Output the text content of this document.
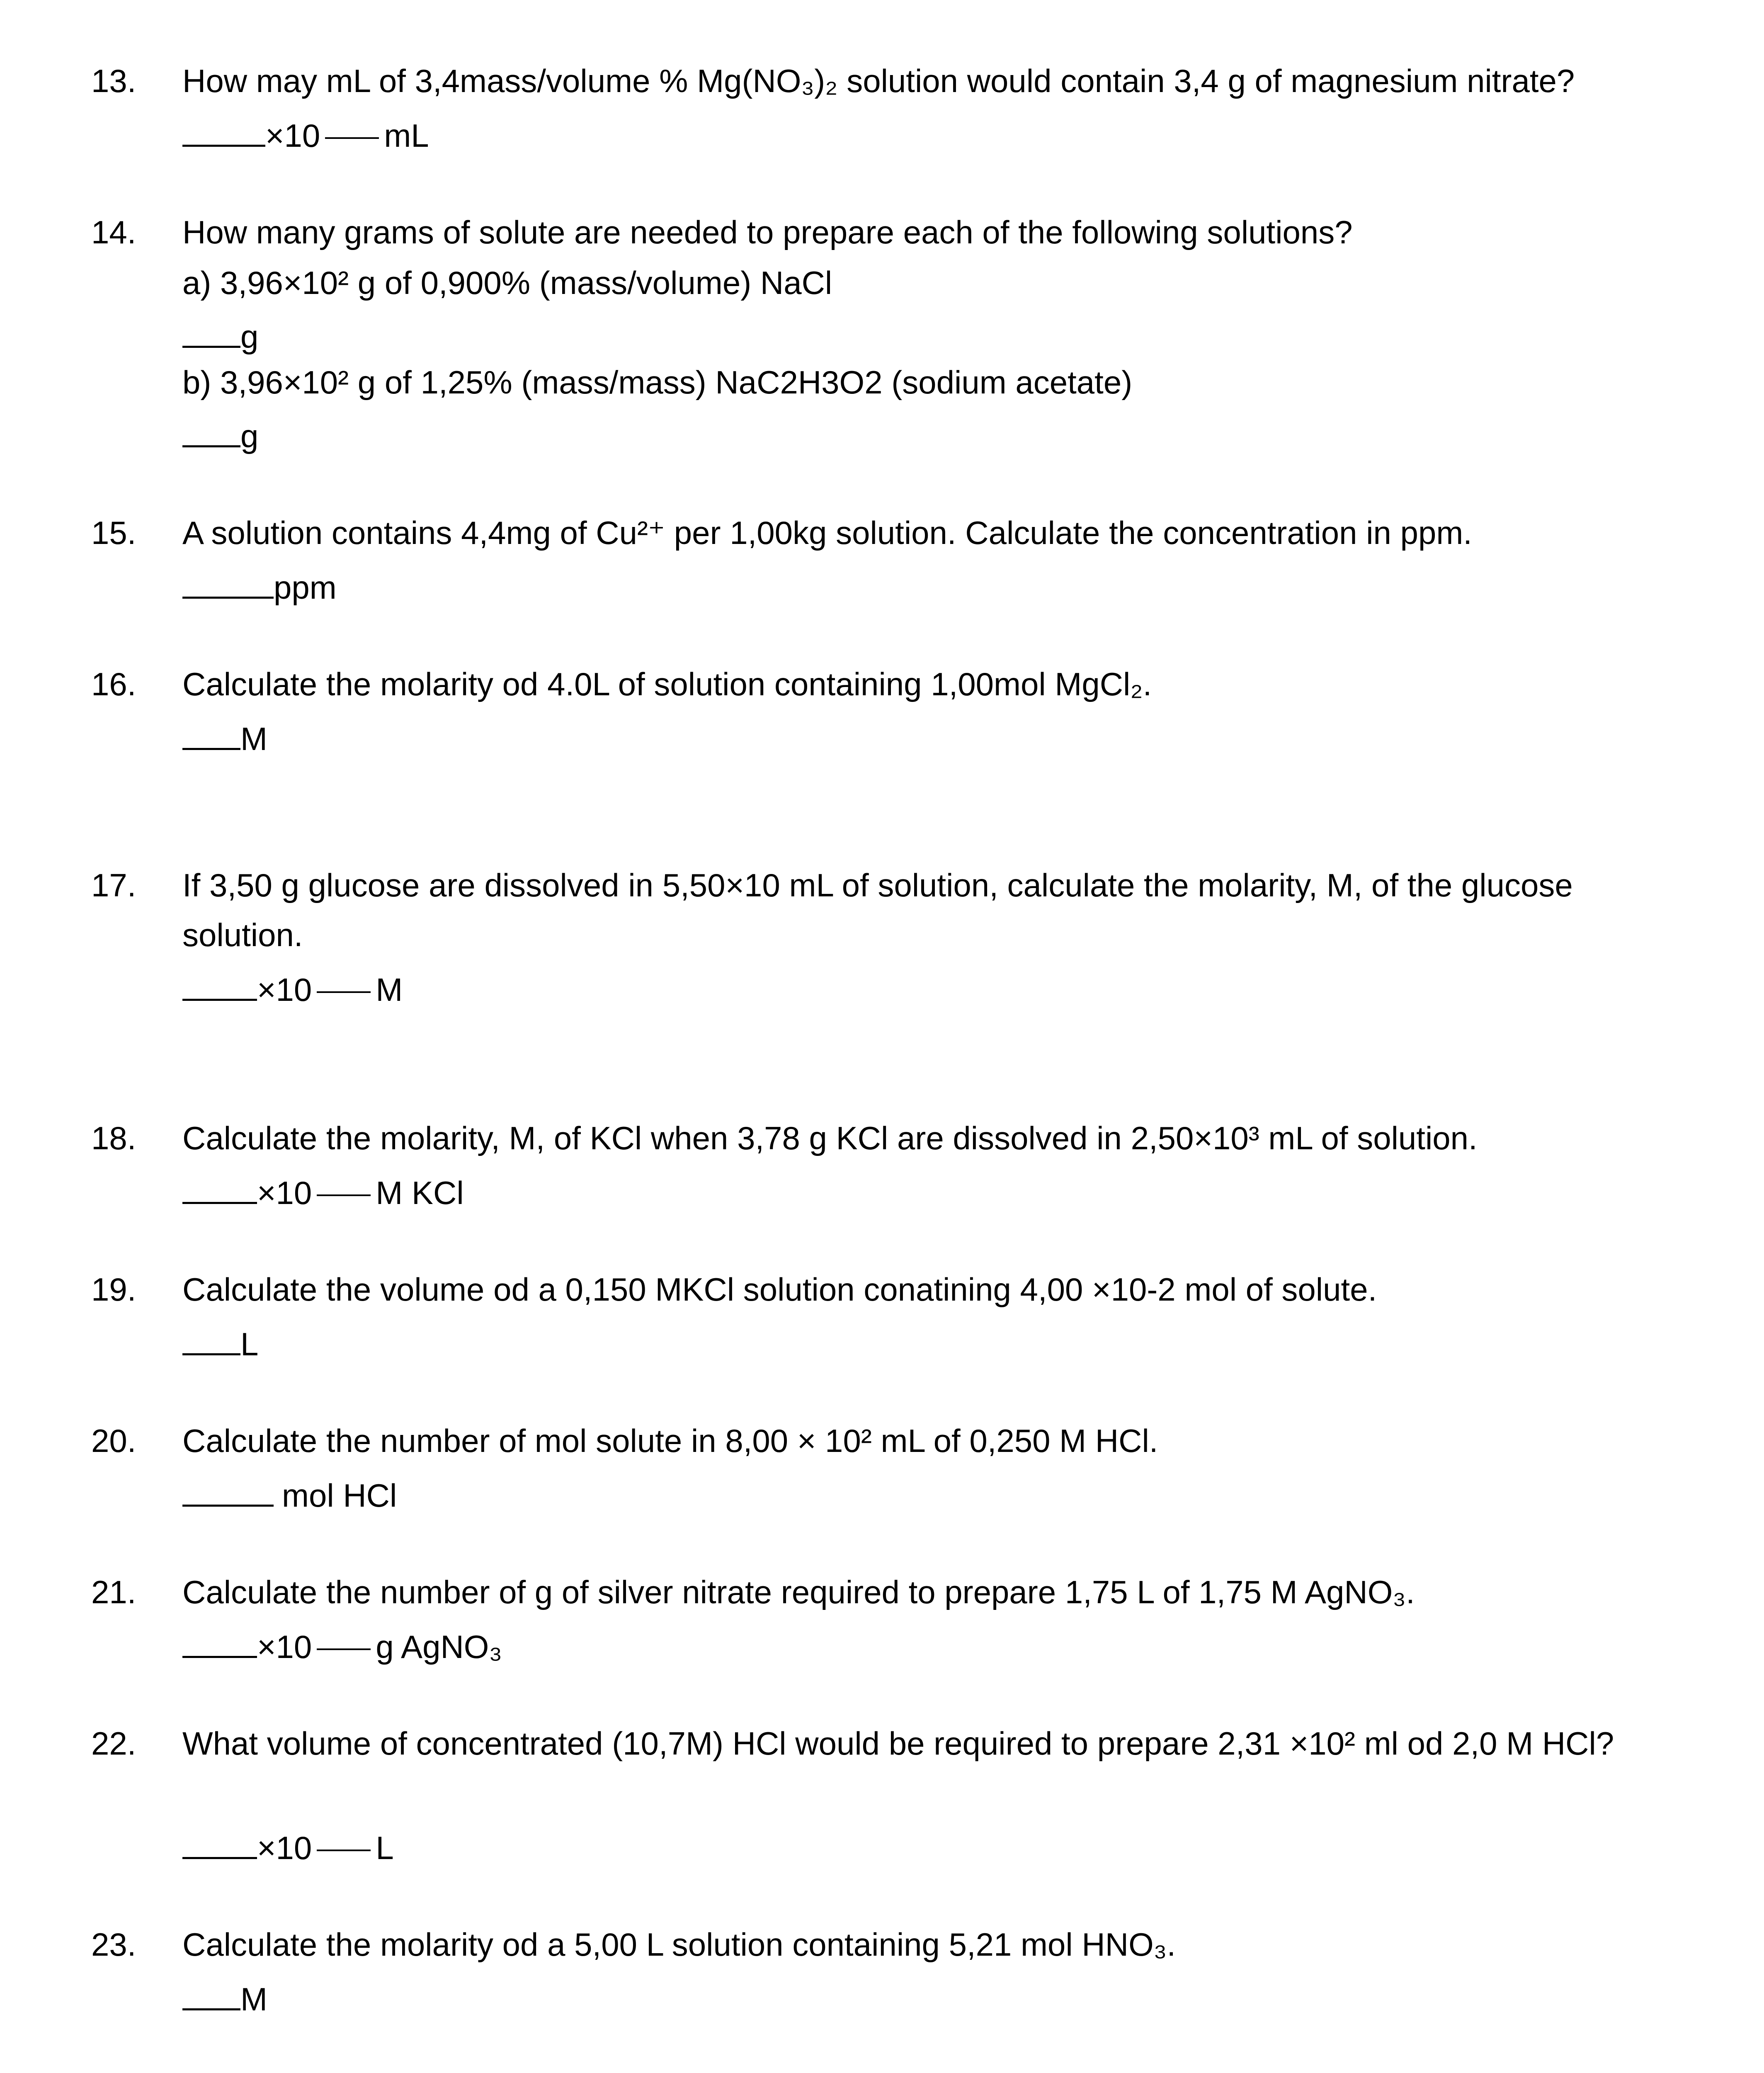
13. How may mL of 3,4mass/volume % Mg(NO₃)₂ solution would contain 3,4 g of magnesium nitrate?
×10 mL
14. How many grams of solute are needed to prepare each of the following solutions?
a) 3,96×10² g of 0,900% (mass/volume) NaCl
g
b) 3,96×10² g of 1,25% (mass/mass) NaC2H3O2 (sodium acetate)
g
15. A solution contains 4,4mg of Cu²⁺ per 1,00kg solution. Calculate the concentration in ppm.
ppm
16. Calculate the molarity od 4.0L of solution containing 1,00mol MgCl₂.
M
17. If 3,50 g glucose are dissolved in 5,50×10 mL of solution, calculate the molarity, M, of the glucose solution.
×10 M
18. Calculate the molarity, M, of KCl when 3,78 g KCl are dissolved in 2,50×10³ mL of solution.
×10 M KCl
19. Calculate the volume od a 0,150 MKCl solution conatining 4,00 ×10-2 mol of solute.
L
20. Calculate the number of mol solute in 8,00 × 10² mL of 0,250 M HCl.
mol HCl
21. Calculate the number of g of silver nitrate required to prepare 1,75 L of 1,75 M AgNO₃.
×10 g AgNO₃
22. What volume of concentrated (10,7M) HCl would be required to prepare 2,31 ×10² ml od 2,0 M HCl?
×10 L
23. Calculate the molarity od a 5,00 L solution containing 5,21 mol HNO₃.
M
